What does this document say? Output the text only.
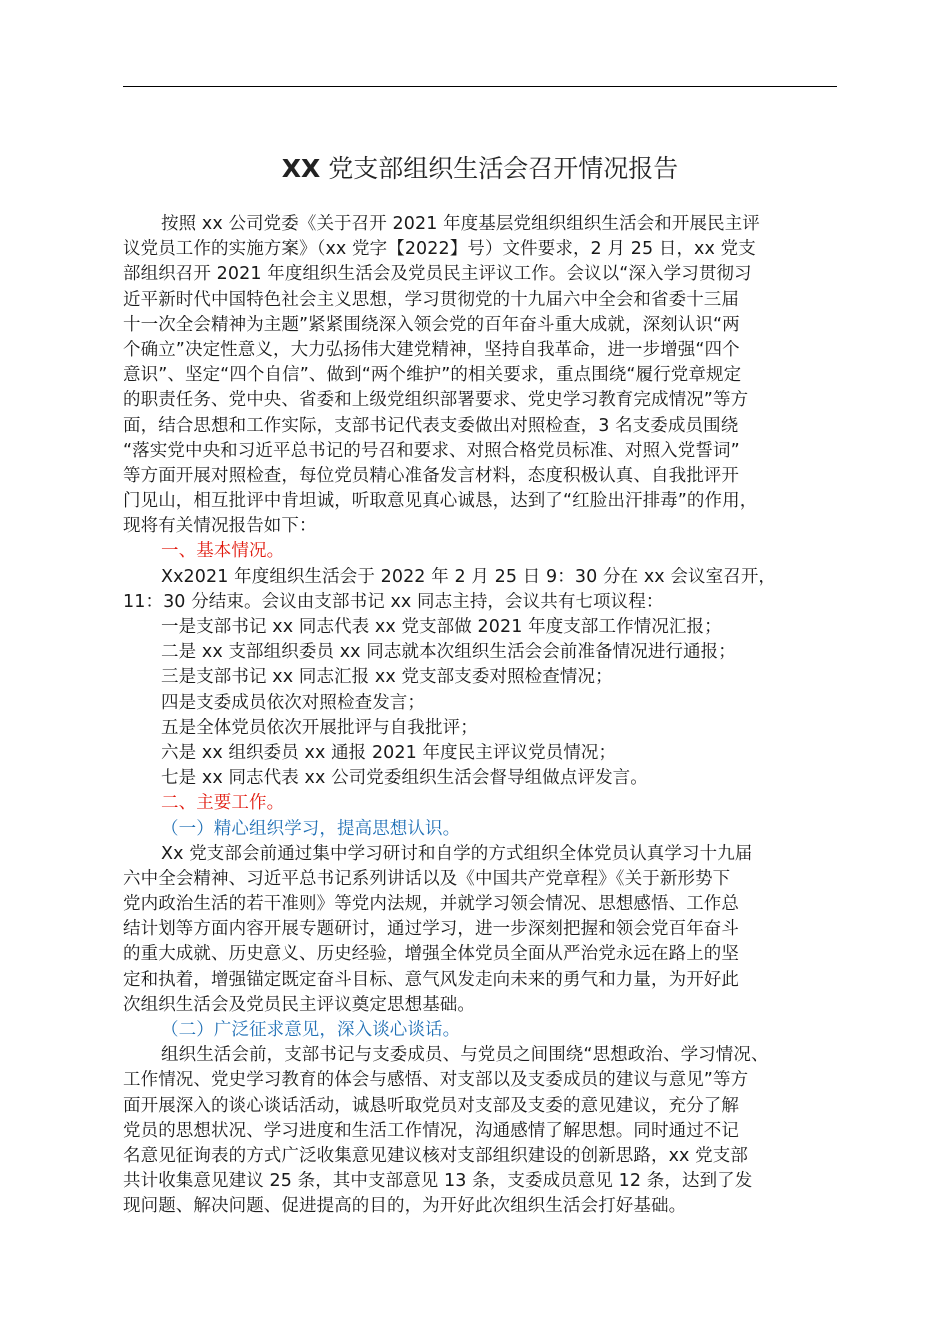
XX 党支部组织生活会召开情况报告
按照 xx 公司党委《关于召开 2021 年度基层党组织组织生活会和开展民主评
议党员工作的实施方案》（xx 党字【2022】号）文件要求，2 月 25 日，xx 党支
部组织召开 2021 年度组织生活会及党员民主评议工作。会议以“深入学习贯彻习
近平新时代中国特色社会主义思想，学习贯彻党的十九届六中全会和省委十三届
十一次全会精神为主题”紧紧围绕深入领会党的百年奋斗重大成就，深刻认识“两
个确立”决定性意义，大力弘扬伟大建党精神，坚持自我革命，进一步增强“四个
意识”、坚定“四个自信”、做到“两个维护”的相关要求，重点围绕“履行党章规定
的职责任务、党中央、省委和上级党组织部署要求、党史学习教育完成情况”等方
面，结合思想和工作实际，支部书记代表支委做出对照检查，3 名支委成员围绕
“落实党中央和习近平总书记的号召和要求、对照合格党员标准、对照入党誓词”
等方面开展对照检查，每位党员精心准备发言材料，态度积极认真、自我批评开
门见山，相互批评中肯坦诚，听取意见真心诚恳，达到了“红脸出汗排毒”的作用，
现将有关情况报告如下：
一、基本情况。
Xx2021 年度组织生活会于 2022 年 2 月 25 日 9：30 分在 xx 会议室召开，
11：30 分结束。会议由支部书记 xx 同志主持，会议共有七项议程：
一是支部书记 xx 同志代表 xx 党支部做 2021 年度支部工作情况汇报；
二是 xx 支部组织委员 xx 同志就本次组织生活会会前准备情况进行通报；
三是支部书记 xx 同志汇报 xx 党支部支委对照检查情况；
四是支委成员依次对照检查发言；
五是全体党员依次开展批评与自我批评；
六是 xx 组织委员 xx 通报 2021 年度民主评议党员情况；
七是 xx 同志代表 xx 公司党委组织生活会督导组做点评发言。
二、主要工作。
（一）精心组织学习，提高思想认识。
Xx 党支部会前通过集中学习研讨和自学的方式组织全体党员认真学习十九届
六中全会精神、习近平总书记系列讲话以及《中国共产党章程》《关于新形势下
党内政治生活的若干准则》等党内法规，并就学习领会情况、思想感悟、工作总
结计划等方面内容开展专题研讨，通过学习，进一步深刻把握和领会党百年奋斗
的重大成就、历史意义、历史经验，增强全体党员全面从严治党永远在路上的坚
定和执着，增强锚定既定奋斗目标、意气风发走向未来的勇气和力量，为开好此
次组织生活会及党员民主评议奠定思想基础。
（二）广泛征求意见，深入谈心谈话。
组织生活会前，支部书记与支委成员、与党员之间围绕“思想政治、学习情况、
工作情况、党史学习教育的体会与感悟、对支部以及支委成员的建议与意见”等方
面开展深入的谈心谈话活动，诚恳听取党员对支部及支委的意见建议，充分了解
党员的思想状况、学习进度和生活工作情况，沟通感情了解思想。同时通过不记
名意见征询表的方式广泛收集意见建议核对支部组织建设的创新思路，xx 党支部
共计收集意见建议 25 条，其中支部意见 13 条，支委成员意见 12 条，达到了发
现问题、解决问题、促进提高的目的，为开好此次组织生活会打好基础。
